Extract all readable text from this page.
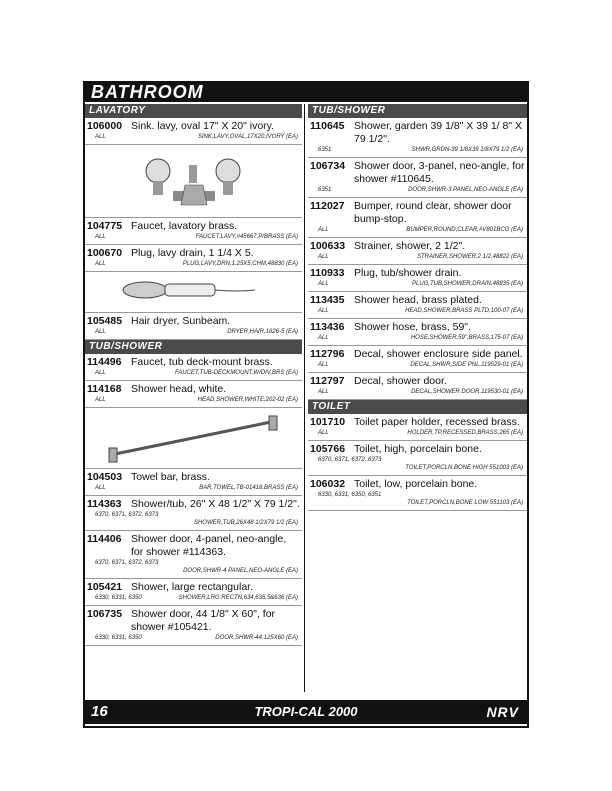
BATHROOM
LAVATORY
106000 Sink. lavy, oval 17" X 20" ivory.
ALL	SINK,LAVY,OVAL,17X20,IVORY (EA)
104775 Faucet, lavatory brass.
ALL	FAUCET,LAVY,#45667,P/BRASS (EA)
100670 Plug, lavy drain, 1 1/4 X 5.
ALL	PLUG,LAVY,DRN,1.25X5,CHM,48830 (EA)
105485 Hair dryer, Sunbeam.
ALL	DRYER,HAIR,1626-5 (EA)
TUB/SHOWER
114496 Faucet, tub deck-mount brass.
ALL	FAUCET,TUB-DECKMOUNT,W/DIV,BRS (EA)
114168 Shower head, white.
ALL	HEAD,SHOWER,WHITE,202-02 (EA)
104503 Towel bar, brass.
ALL	BAR,TOWEL,TB-01418,BRASS (EA)
114363 Shower/tub, 26" X 48 1/2" X 79 1/2".
6370, 6371, 6372, 6373
SHOWER,TUB,26X48 1/2X79 1/2 (EA)
114406 Shower door, 4-panel, neo-angle, for shower #114363.
6370, 6371, 6372, 6373
DOOR,SHWR-4 PANEL,NEO-ANGLE (EA)
105421 Shower, large rectangular.
6330, 6331, 6350	SHOWER,LRG RECTN,634,635,5&636 (EA)
106735 Shower door, 44 1/8" X 60", for shower #105421.
6330, 6331, 6350	DOOR,SHWR-44.125X60 (EA)
TUB/SHOWER
110645 Shower, garden 39 1/8" X 39 1/ 8" X 79 1/2".
6351	SHWR,GRDN-39 1/8X39 1/8X79 1/2 (EA)
106734 Shower door, 3-panel, neo-angle, for shower #110645.
6351	DOOR,SHWR-3 PANEL,NEO-ANGLE (EA)
112027 Bumper, round clear, shower door bump-stop.
ALL	BUMPER,ROUND,CLEAR,#V801BCG (EA)
100633 Strainer, shower, 2 1/2".
ALL	STRAINER,SHOWER,2 1/2,48822 (EA)
110933 Plug, tub/shower drain.
ALL	PLUG,TUB,SHOWER,DRAIN,48835 (EA)
113435 Shower head, brass plated.
ALL	HEAD,SHOWER,BRASS PLTD,100-07 (EA)
113436 Shower hose, brass, 59".
ALL	HOSE,SHOWER,59",BRASS,175-07 (EA)
112796 Decal, shower enclosure side panel.
ALL	DECAL,SHWR,SIDE PNL,119529-01 (EA)
112797 Decal, shower door.
ALL	DECAL,SHOWER DOOR,119530-01 (EA)
TOILET
101710 Toilet paper holder, recessed brass.
ALL	HOLDER,TP,RECESSED,BRASS,265 (EA)
105766 Toilet, high, porcelain bone.
6370, 6371, 6372, 6373
TOILET,PORCLN BONE HIGH 551003 (EA)
106032 Toilet, low, porcelain bone.
6330, 6331, 6350, 6351
TOILET,PORCLN,BONE LOW 551103 (EA)
16	TROPI-CAL 2000	NRV
